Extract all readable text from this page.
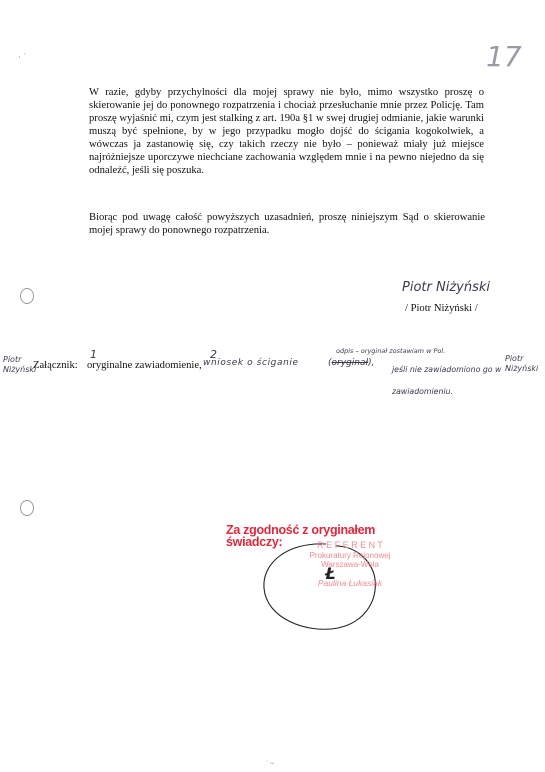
17
· ʾ
W razie, gdyby przychylności dla mojej sprawy nie było, mimo wszystko proszę o skierowanie jej do ponownego rozpatrzenia i chociaż przesłuchanie mnie przez Policję. Tam proszę wyjaśnić mi, czym jest stalking z art. 190a §1 w swej drugiej odmianie, jakie warunki muszą być spełnione, by w jego przypadku mogło dojść do ścigania kogokolwiek, a wówczas ja zastanowię się, czy takich rzeczy nie było – ponieważ miały już miejsce najróżniejsze uporczywe niechciane zachowania względem mnie i na pewno niejedno da się odnaleźć, jeśli się poszuka.
Biorąc pod uwagę całość powyższych uzasadnień, proszę niniejszym Sąd o skierowanie mojej sprawy do ponownego rozpatrzenia.
Piotr Niżyński
/ Piotr Niżyński /
Piotr Niżyński
1	2	odpis – oryginał zostawiam w Pol.
Załącznik: oryginalne zawiadomienie, wniosek o ściganie	(oryginał),
jeśli nie zawiadomiono go w zawiadomieniu.
Piotr Niżyński
Za zgodność z oryginałem
świadczy:	R E F E R E N T
Prokuratury Rejonowej
Warszawa-Wola
Ł
Paulina Łukasiak
ʾ ~
